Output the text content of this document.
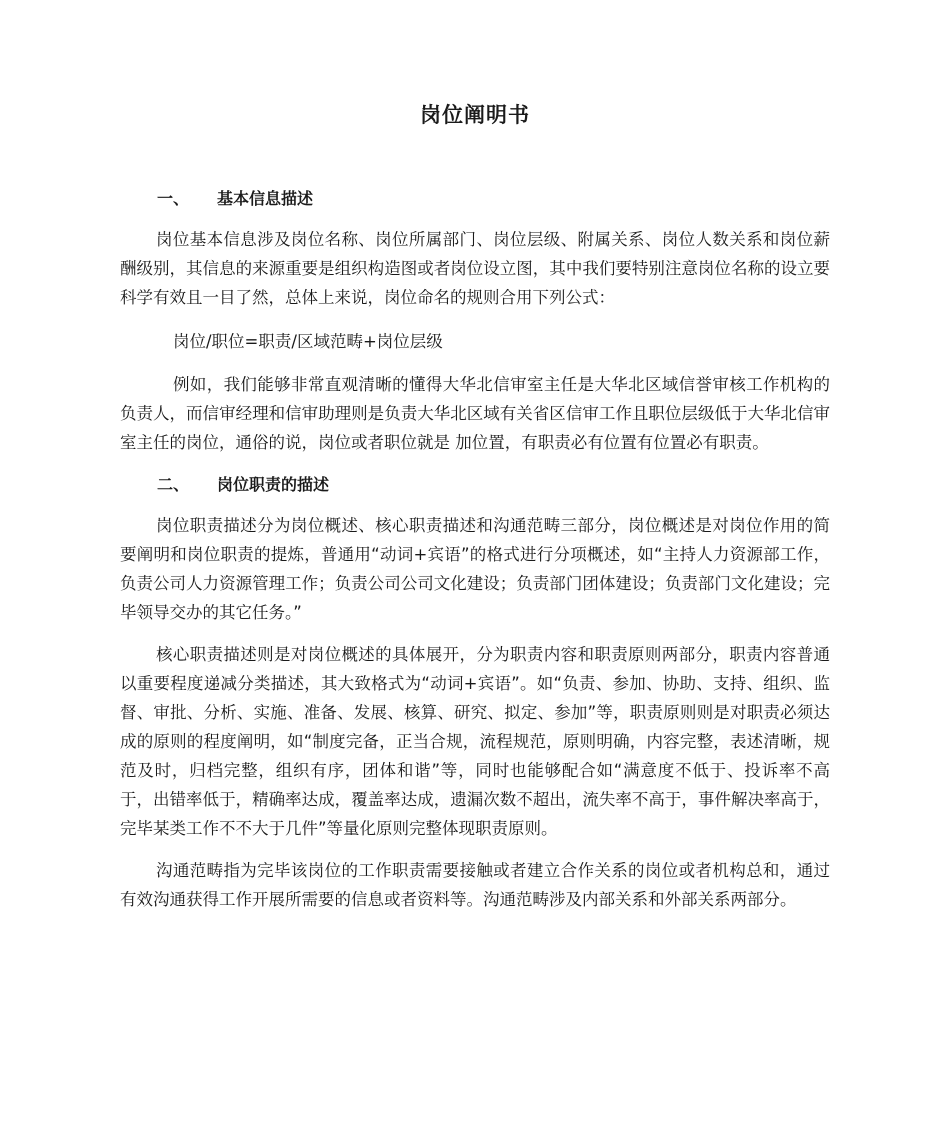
岗位阐明书
一、	基本信息描述

岗位基本信息涉及岗位名称、岗位所属部门、岗位层级、附属关系、岗位人数关系和岗位薪酬级别，其信息的来源重要是组织构造图或者岗位设立图，其中我们要特别注意岗位名称的设立要科学有效且一目了然，总体上来说，岗位命名的规则合用下列公式：

岗位/职位=职责/区域范畴+岗位层级

例如，我们能够非常直观清晰的懂得大华北信审室主任是大华北区域信誉审核工作机构的负责人，而信审经理和信审助理则是负责大华北区域有关省区信审工作且职位层级低于大华北信审室主任的岗位，通俗的说，岗位或者职位就是 加位置，有职责必有位置有位置必有职责。

二、	岗位职责的描述

岗位职责描述分为岗位概述、核心职责描述和沟通范畴三部分，岗位概述是对岗位作用的简要阐明和岗位职责的提炼，普通用“动词+宾语”的格式进行分项概述，如“主持人力资源部工作，负责公司人力资源管理工作；负责公司公司文化建设；负责部门团体建设；负责部门文化建设；完毕领导交办的其它任务。”

核心职责描述则是对岗位概述的具体展开，分为职责内容和职责原则两部分，职责内容普通以重要程度递减分类描述，其大致格式为“动词+宾语”。如“负责、参加、协助、支持、组织、监督、审批、分析、实施、准备、发展、核算、研究、拟定、参加”等，职责原则则是对职责必须达成的原则的程度阐明，如“制度完备，正当合规，流程规范，原则明确，内容完整，表述清晰，规范及时，归档完整，组织有序，团体和谐”等，同时也能够配合如“满意度不低于、投诉率不高于，出错率低于，精确率达成，覆盖率达成，遗漏次数不超出，流失率不高于，事件解决率高于，完毕某类工作不不大于几件”等量化原则完整体现职责原则。

沟通范畴指为完毕该岗位的工作职责需要接触或者建立合作关系的岗位或者机构总和，通过有效沟通获得工作开展所需要的信息或者资料等。沟通范畴涉及内部关系和外部关系两部分。
